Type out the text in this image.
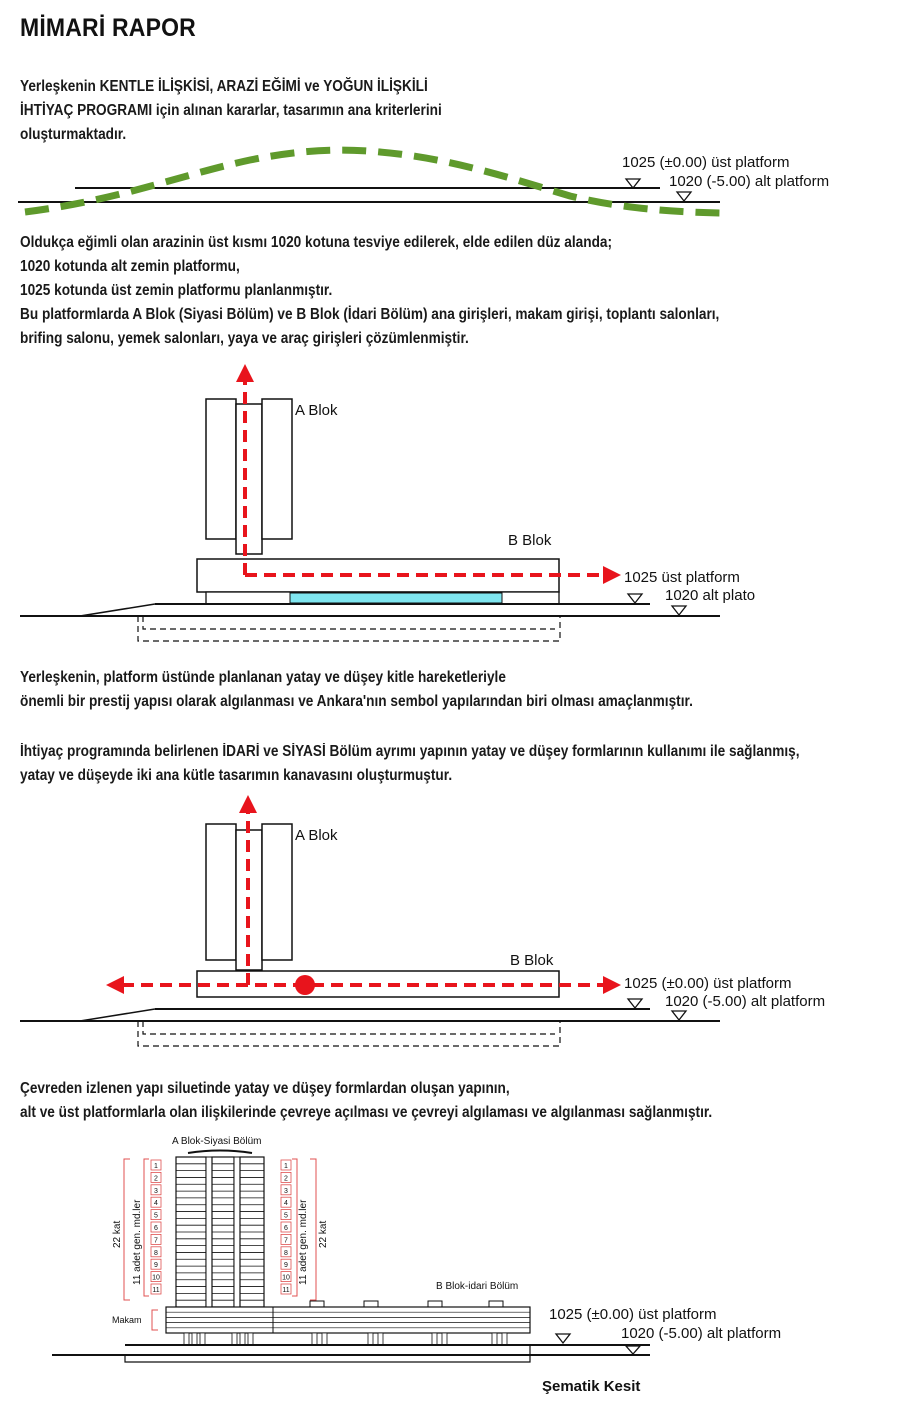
MİMARİ RAPOR
Yerleşkenin KENTLE İLİŞKİSİ, ARAZİ EĞİMİ ve YOĞUN İLİŞKİLİ
İHTİYAÇ PROGRAMI için alınan kararlar, tasarımın ana kriterlerini
oluşturmaktadır.
Oldukça eğimli olan arazinin üst kısmı 1020 kotuna tesviye edilerek, elde edilen düz alanda;
1020 kotunda alt zemin platformu,
1025 kotunda üst zemin platformu planlanmıştır.
Bu platformlarda A Blok (Siyasi Bölüm) ve B Blok (İdari Bölüm) ana girişleri, makam girişi, toplantı salonları,
brifing salonu, yemek salonları, yaya ve araç girişleri çözümlenmiştir.
Yerleşkenin, platform üstünde planlanan yatay ve düşey kitle hareketleriyle
önemli bir prestij yapısı olarak algılanması ve Ankara'nın sembol yapılarından biri olması amaçlanmıştır.
İhtiyaç programında belirlenen İDARİ ve SİYASİ Bölüm ayrımı yapının yatay ve düşey formlarının kullanımı ile sağlanmış,
yatay ve düşeyde iki ana kütle tasarımın kanavasını oluşturmuştur.
Çevreden izlenen yapı siluetinde yatay ve düşey formlardan oluşan yapının,
alt ve üst platformlarla olan ilişkilerinde çevreye açılması ve çevreyi algılaması ve algılanması sağlanmıştır.
1025 (±0.00) üst platform
1020 (-5.00) alt platform
A Blok
B Blok
1025 üst platform
1020 alt plato
A Blok
B Blok
1025 (±0.00) üst platform
1020 (-5.00) alt platform
A Blok-Siyasi Bölüm
1
2
3
4
5
6
7
8
9
10
11
1
2
3
4
5
6
7
8
9
10
11
22 kat 11 adet gen. md.ler	11 adet gen. md.ler 22 kat
Makam
B Blok-idari Bölüm
1025 (±0.00) üst platform
1020 (-5.00) alt platform
Şematik Kesit
